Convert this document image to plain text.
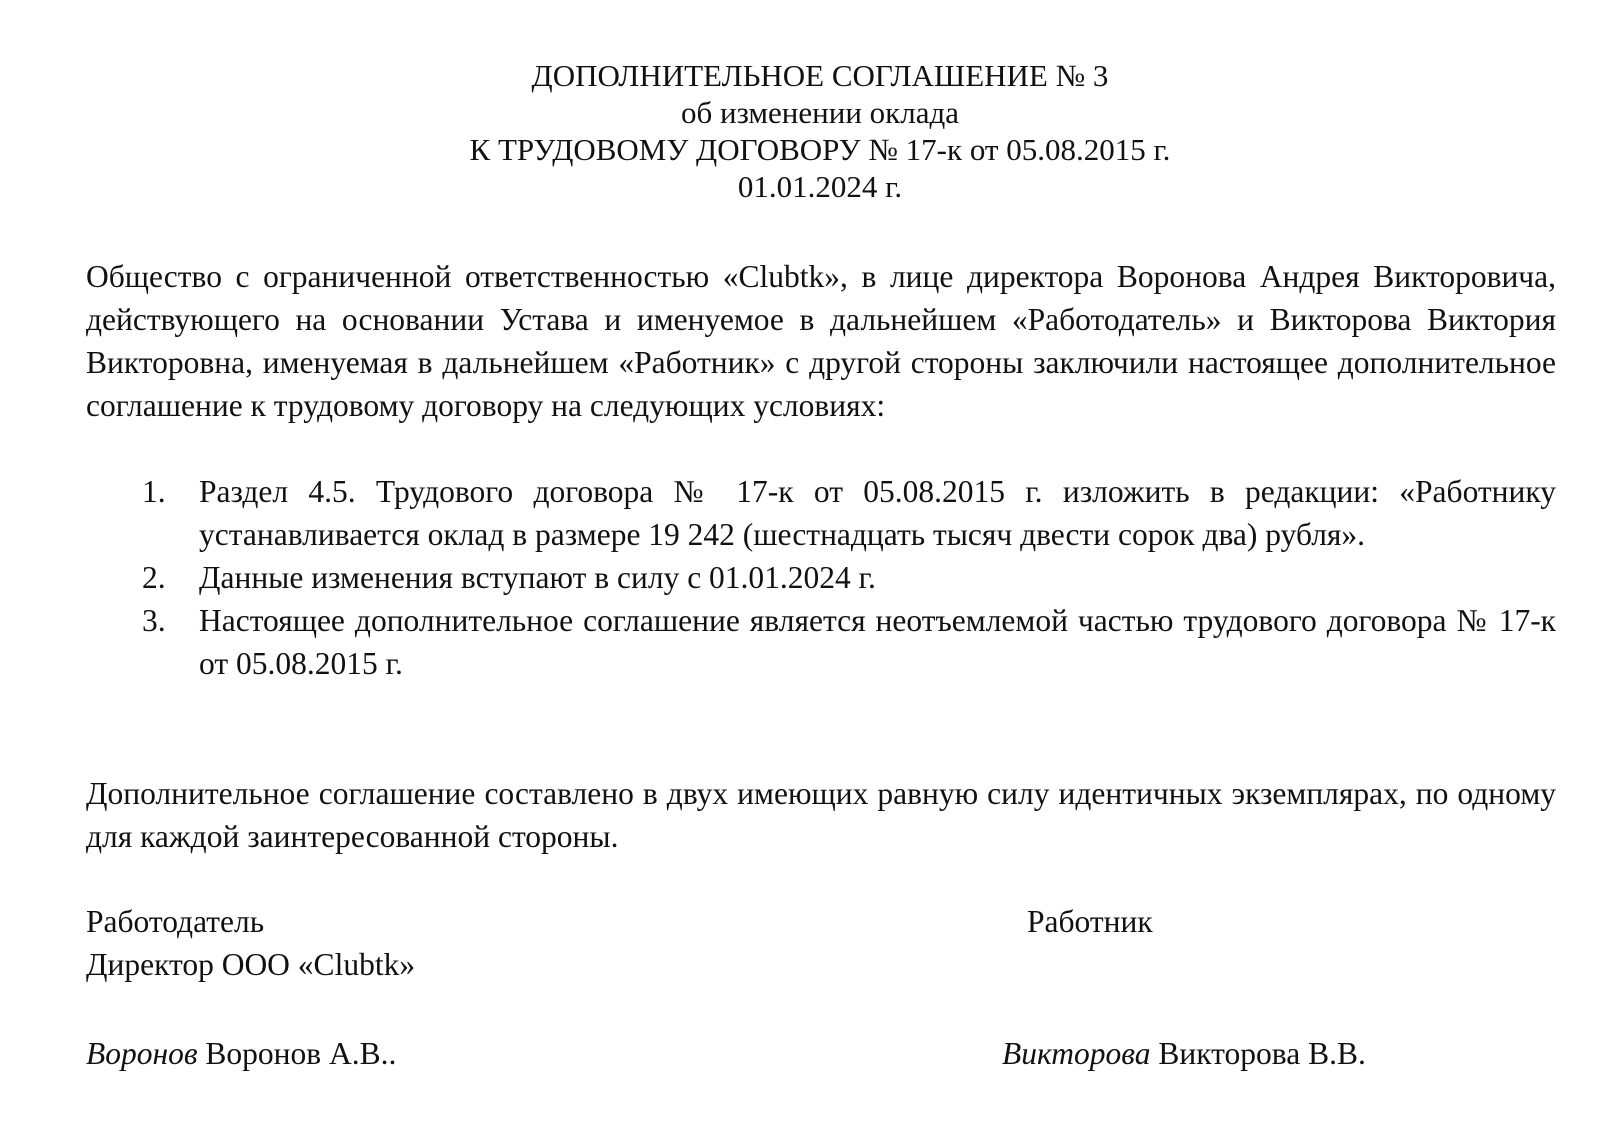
ДОПОЛНИТЕЛЬНОЕ СОГЛАШЕНИЕ № 3
об изменении оклада
К ТРУДОВОМУ ДОГОВОРУ № 17-к от 05.08.2015 г.
01.01.2024 г.

Общество с ограниченной ответственностью «Clubtk», в лице директора Воронова Андрея Викторовича, действующего на основании Устава и именуемое в дальнейшем «Работодатель» и Викторова Виктория Викторовна, именуемая в дальнейшем «Работник» с другой стороны заключили настоящее дополнительное соглашение к трудовому договору на следующих условиях:

1. Раздел 4.5. Трудового договора № 17-к от 05.08.2015 г. изложить в редакции: «Работнику устанавливается оклад в размере 19 242 (шестнадцать тысяч двести сорок два) рубля».
2. Данные изменения вступают в силу с 01.01.2024 г.
3. Настоящее дополнительное соглашение является неотъемлемой частью трудового договора № 17-к от 05.08.2015 г.

Дополнительное соглашение составлено в двух имеющих равную силу идентичных экземплярах, по одному для каждой заинтересованной стороны.

Работодатель
Директор ООО «Clubtk»
Работник
Воронов Воронов А.В..	Викторова Викторова В.В.
